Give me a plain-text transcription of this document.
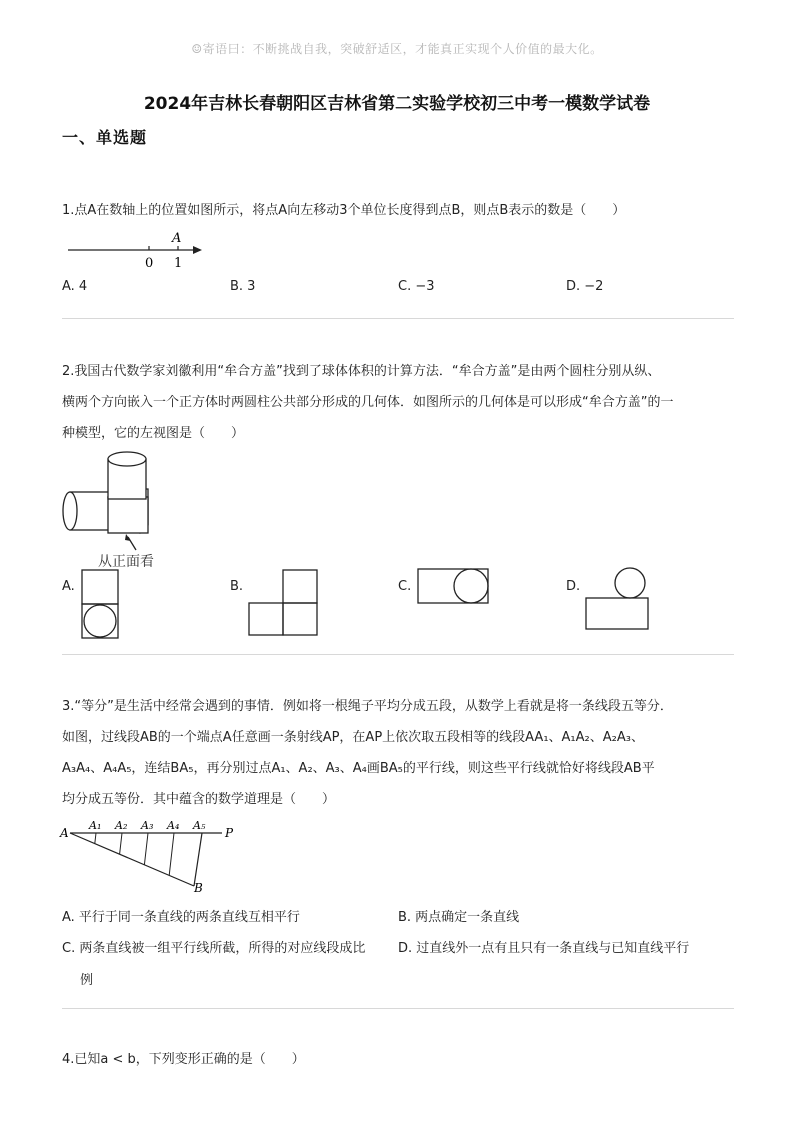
☺寄语曰：不断挑战自我，突破舒适区，才能真正实现个人价值的最大化。
2024年吉林长春朝阳区吉林省第二实验学校初三中考一模数学试卷
一、单选题
1.点A在数轴上的位置如图所示，将点A向左移动3个单位长度得到点B，则点B表示的数是（　　）
0 1
A
A. 4	B. 3	C. −3	D. −2
2.我国古代数学家刘徽利用“牟合方盖”找到了球体体积的计算方法．“牟合方盖”是由两个圆柱分别从纵、
横两个方向嵌入一个正方体时两圆柱公共部分形成的几何体．如图所示的几何体是可以形成“牟合方盖”的一
种模型，它的左视图是（　　）
从正面看
A.	B.	C.	D.
3.“等分”是生活中经常会遇到的事情．例如将一根绳子平均分成五段，从数学上看就是将一条线段五等分．
如图，过线段AB的一个端点A任意画一条射线AP，在AP上依次取五段相等的线段AA₁、A₁A₂、A₂A₃、
A₃A₄、A₄A₅，连结BA₅，再分别过点A₁、A₂、A₃、A₄画BA₅的平行线，则这些平行线就恰好将线段AB平
均分成五等份．其中蕴含的数学道理是（　　）
A	P
B
A₁ A₂ A₃ A₄ A₅
A. 平行于同一条直线的两条直线互相平行	B. 两点确定一条直线
C. 两条直线被一组平行线所截，所得的对应线段成比
例
D. 过直线外一点有且只有一条直线与已知直线平行
4.已知a < b，下列变形正确的是（　　）
